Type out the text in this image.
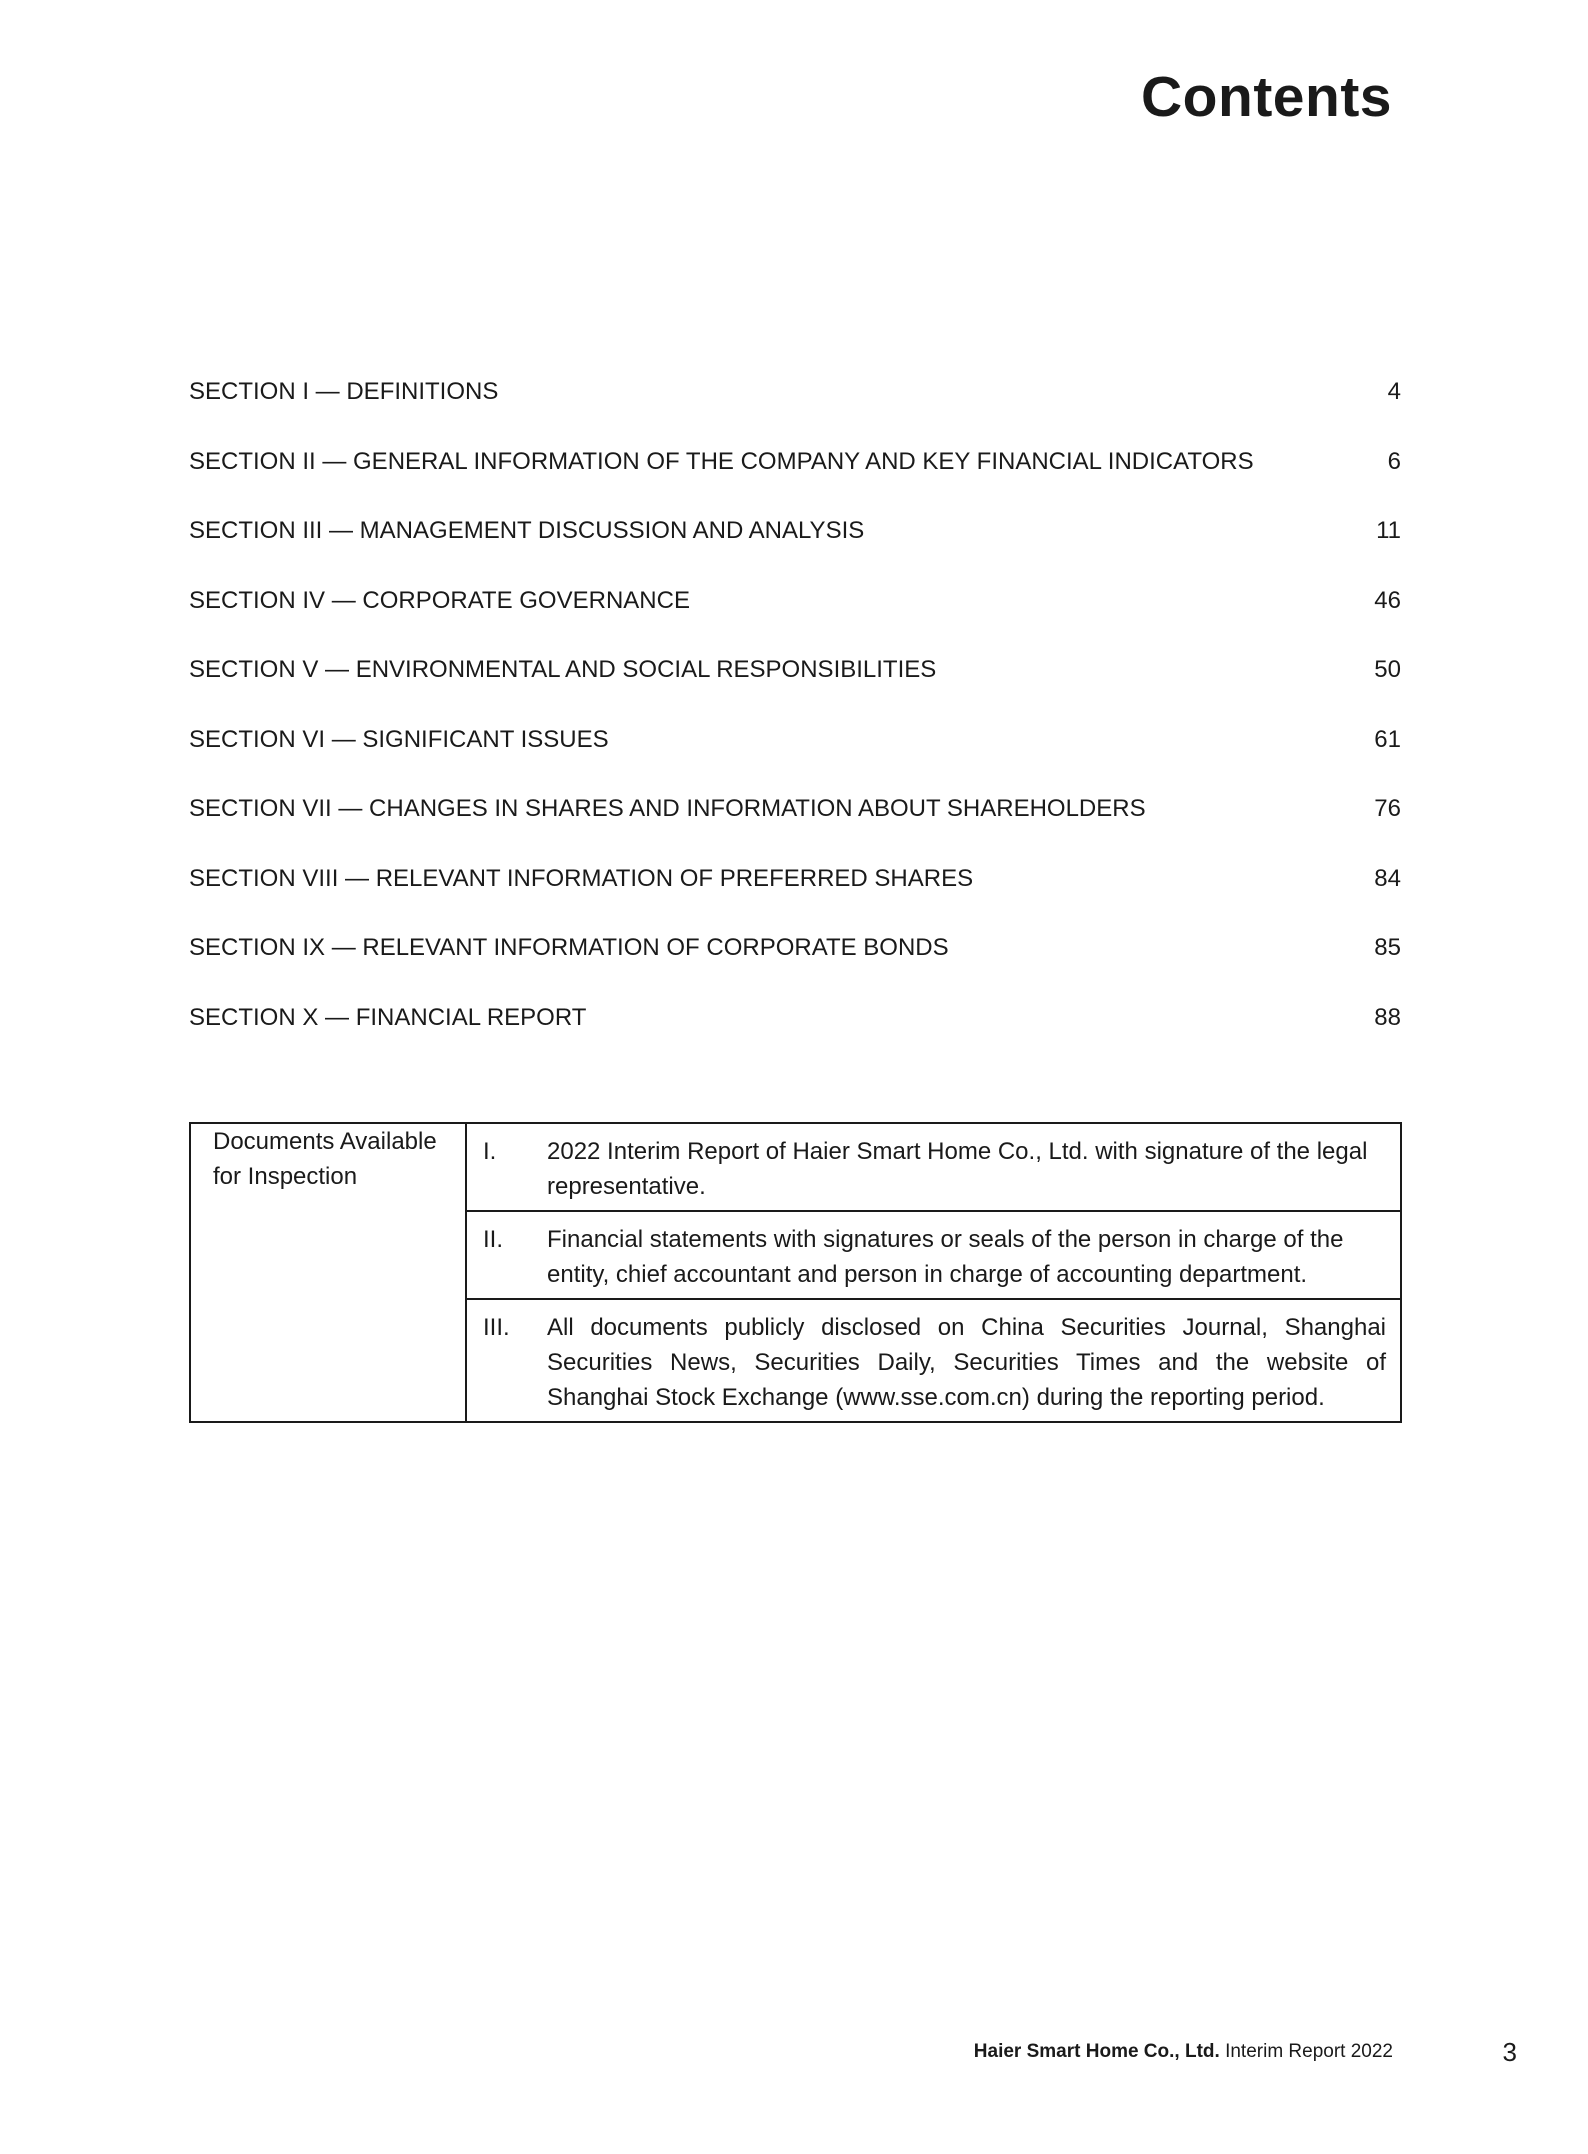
Contents
SECTION I — DEFINITIONS	4
SECTION II — GENERAL INFORMATION OF THE COMPANY AND KEY FINANCIAL INDICATORS	6
SECTION III — MANAGEMENT DISCUSSION AND ANALYSIS	11
SECTION IV — CORPORATE GOVERNANCE	46
SECTION V — ENVIRONMENTAL AND SOCIAL RESPONSIBILITIES	50
SECTION VI — SIGNIFICANT ISSUES	61
SECTION VII — CHANGES IN SHARES AND INFORMATION ABOUT SHAREHOLDERS	76
SECTION VIII — RELEVANT INFORMATION OF PREFERRED SHARES	84
SECTION IX — RELEVANT INFORMATION OF CORPORATE BONDS	85
SECTION X — FINANCIAL REPORT	88
Documents Available for Inspection	
I.	2022 Interim Report of Haier Smart Home Co., Ltd. with signature of the legal representative.

II.	Financial statements with signatures or seals of the person in charge of the entity, chief accountant and person in charge of accounting department.

III.	All documents publicly disclosed on China Securities Journal, Shanghai Securities News, Securities Daily, Securities Times and the website of Shanghai Stock Exchange (www.sse.com.cn) during the reporting period.
Haier Smart Home Co., Ltd. Interim Report 2022	3
